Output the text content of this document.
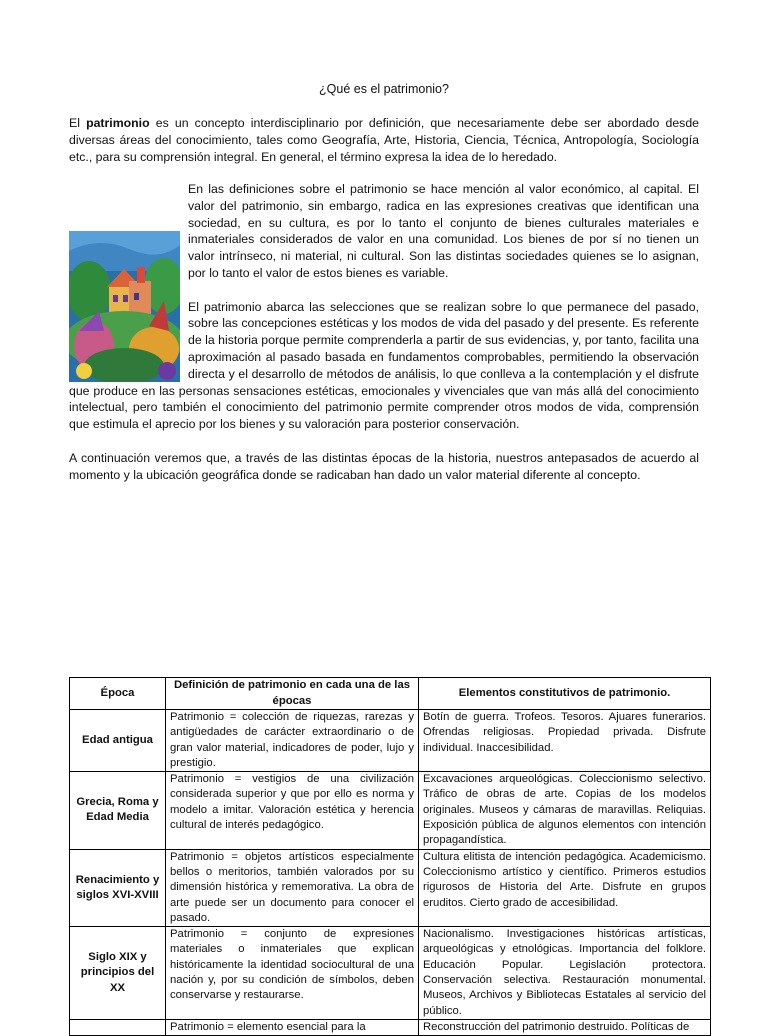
¿Qué es el patrimonio?

El patrimonio es un concepto interdisciplinario por definición, que necesariamente debe ser abordado desde diversas áreas del conocimiento, tales como Geografía, Arte, Historia, Ciencia, Técnica, Antropología, Sociología etc., para su comprensión integral. En general, el término expresa la idea de lo heredado.

En las definiciones sobre el patrimonio se hace mención al valor económico, al capital. El valor del patrimonio, sin embargo, radica en las expresiones creativas que identifican una sociedad, en su cultura, es por lo tanto el conjunto de bienes culturales materiales e inmateriales considerados de valor en una comunidad. Los bienes de por sí no tienen un valor intrínseco, ni material, ni cultural. Son las distintas sociedades quienes se lo asignan, por lo tanto el valor de estos bienes es variable.

El patrimonio abarca las selecciones que se realizan sobre lo que permanece del pasado, sobre las concepciones estéticas y los modos de vida del pasado y del presente. Es referente de la historia porque permite comprenderla a partir de sus evidencias, y, por tanto, facilita una aproximación al pasado basada en fundamentos comprobables, permitiendo la observación directa y el desarrollo de métodos de análisis, lo que conlleva a la contemplación y el disfrute que produce en las personas sensaciones estéticas, emocionales y vivenciales que van más allá del conocimiento intelectual, pero también el conocimiento del patrimonio permite comprender otros modos de vida, comprensión que estimula el aprecio por los bienes y su valoración para posterior conservación.

A continuación veremos que, a través de las distintas épocas de la historia, nuestros antepasados de acuerdo al momento y la ubicación geográfica donde se radicaban han dado un valor material diferente al concepto.

Época	Definición de patrimonio en cada una de las épocas	Elementos constitutivos de patrimonio.
Edad antigua	Patrimonio = colección de riquezas, rarezas y antigüedades de carácter extraordinario o de gran valor material, indicadores de poder, lujo y prestigio.	Botín de guerra. Trofeos. Tesoros. Ajuares funerarios. Ofrendas religiosas. Propiedad privada. Disfrute individual. Inaccesibilidad.
Grecia, Roma y Edad Media	Patrimonio = vestigios de una civilización considerada superior y que por ello es norma y modelo a imitar. Valoración estética y herencia cultural de interés pedagógico.	Excavaciones arqueológicas. Coleccionismo selectivo. Tráfico de obras de arte. Copias de los modelos originales. Museos y cámaras de maravillas. Reliquias. Exposición pública de algunos elementos con intención propagandística.
Renacimiento y siglos XVI-XVIII	Patrimonio = objetos artísticos especialmente bellos o meritorios, también valorados por su dimensión histórica y rememorativa. La obra de arte puede ser un documento para conocer el pasado.	Cultura elitista de intención pedagógica. Academicismo. Coleccionismo artístico y científico. Primeros estudios rigurosos de Historia del Arte. Disfrute en grupos eruditos. Cierto grado de accesibilidad.
Siglo XIX y principios del XX	Patrimonio = conjunto de expresiones materiales o inmateriales que explican históricamente la identidad sociocultural de una nación y, por su condición de símbolos, deben conservarse y restaurarse.	Nacionalismo. Investigaciones históricas artísticas, arqueológicas y etnológicas. Importancia del folklore. Educación Popular. Legislación protectora. Conservación selectiva. Restauración monumental. Museos, Archivos y Bibliotecas Estatales al servicio del público.
	Patrimonio = elemento esencial para la	Reconstrucción del patrimonio destruido. Políticas de
